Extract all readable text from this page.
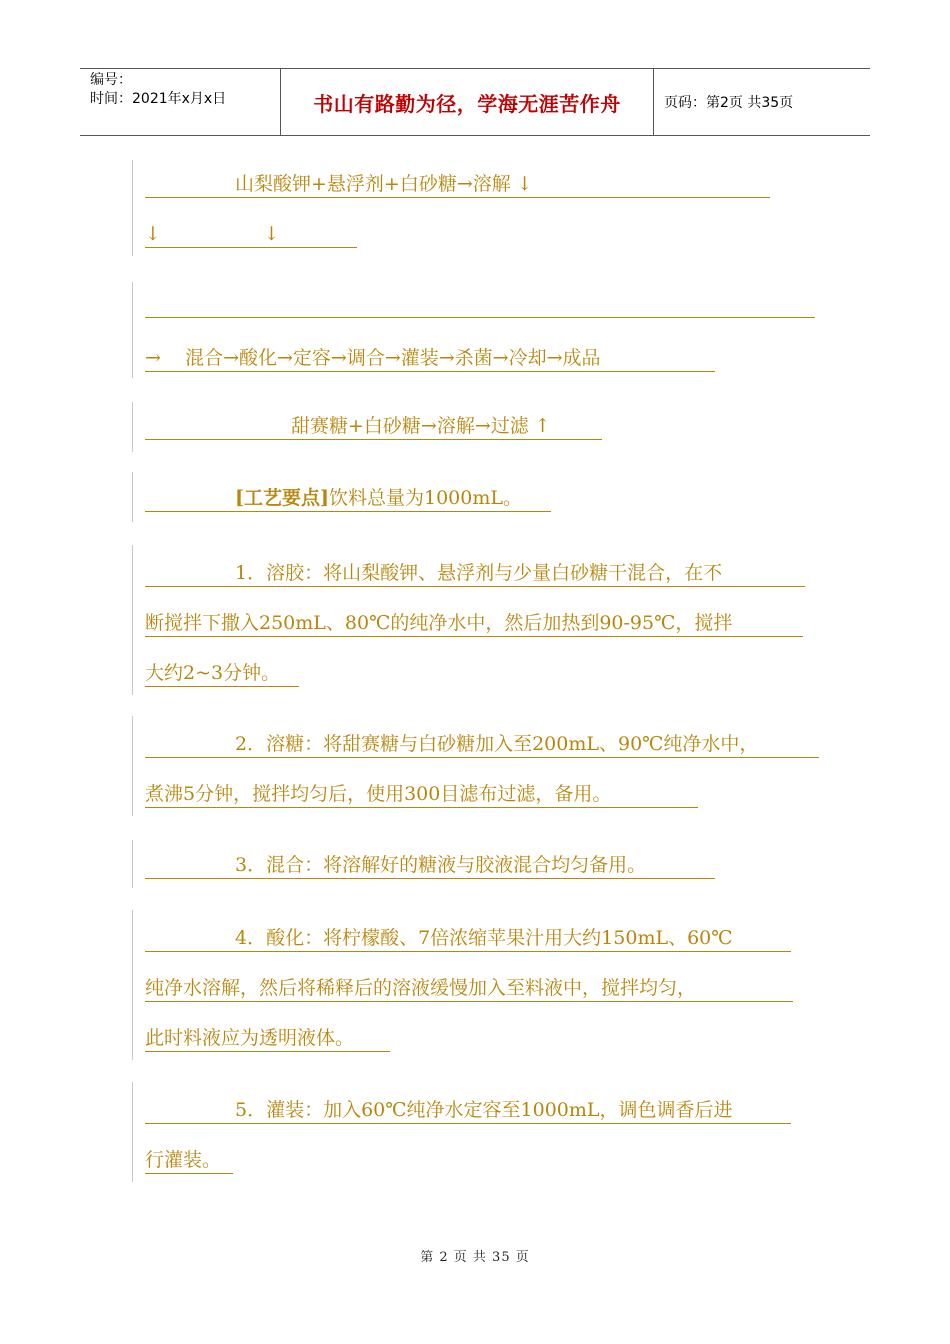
编号：
时间：2021年x月x日	书山有路勤为径，学海无涯苦作舟	页码：第2页 共35页
山梨酸钾+悬浮剂+白砂糖→溶解 ↓
↓                 ↓
→    混合→酸化→定容→调合→灌装→杀菌→冷却→成品
甜赛糖+白砂糖→溶解→过滤 ↑
[工艺要点]饮料总量为1000mL。
1．溶胶：将山梨酸钾、悬浮剂与少量白砂糖干混合，在不
断搅拌下撒入250mL、80℃的纯净水中，然后加热到90-95℃，搅拌
大约2~3分钟。
2．溶糖：将甜赛糖与白砂糖加入至200mL、90℃纯净水中，
煮沸5分钟，搅拌均匀后，使用300目滤布过滤，备用。
3．混合：将溶解好的糖液与胶液混合均匀备用。
4．酸化：将柠檬酸、7倍浓缩苹果汁用大约150mL、60℃
纯净水溶解，然后将稀释后的溶液缓慢加入至料液中，搅拌均匀，
此时料液应为透明液体。
5．灌装：加入60℃纯净水定容至1000mL，调色调香后进
行灌装。
第 2 页 共 35 页
